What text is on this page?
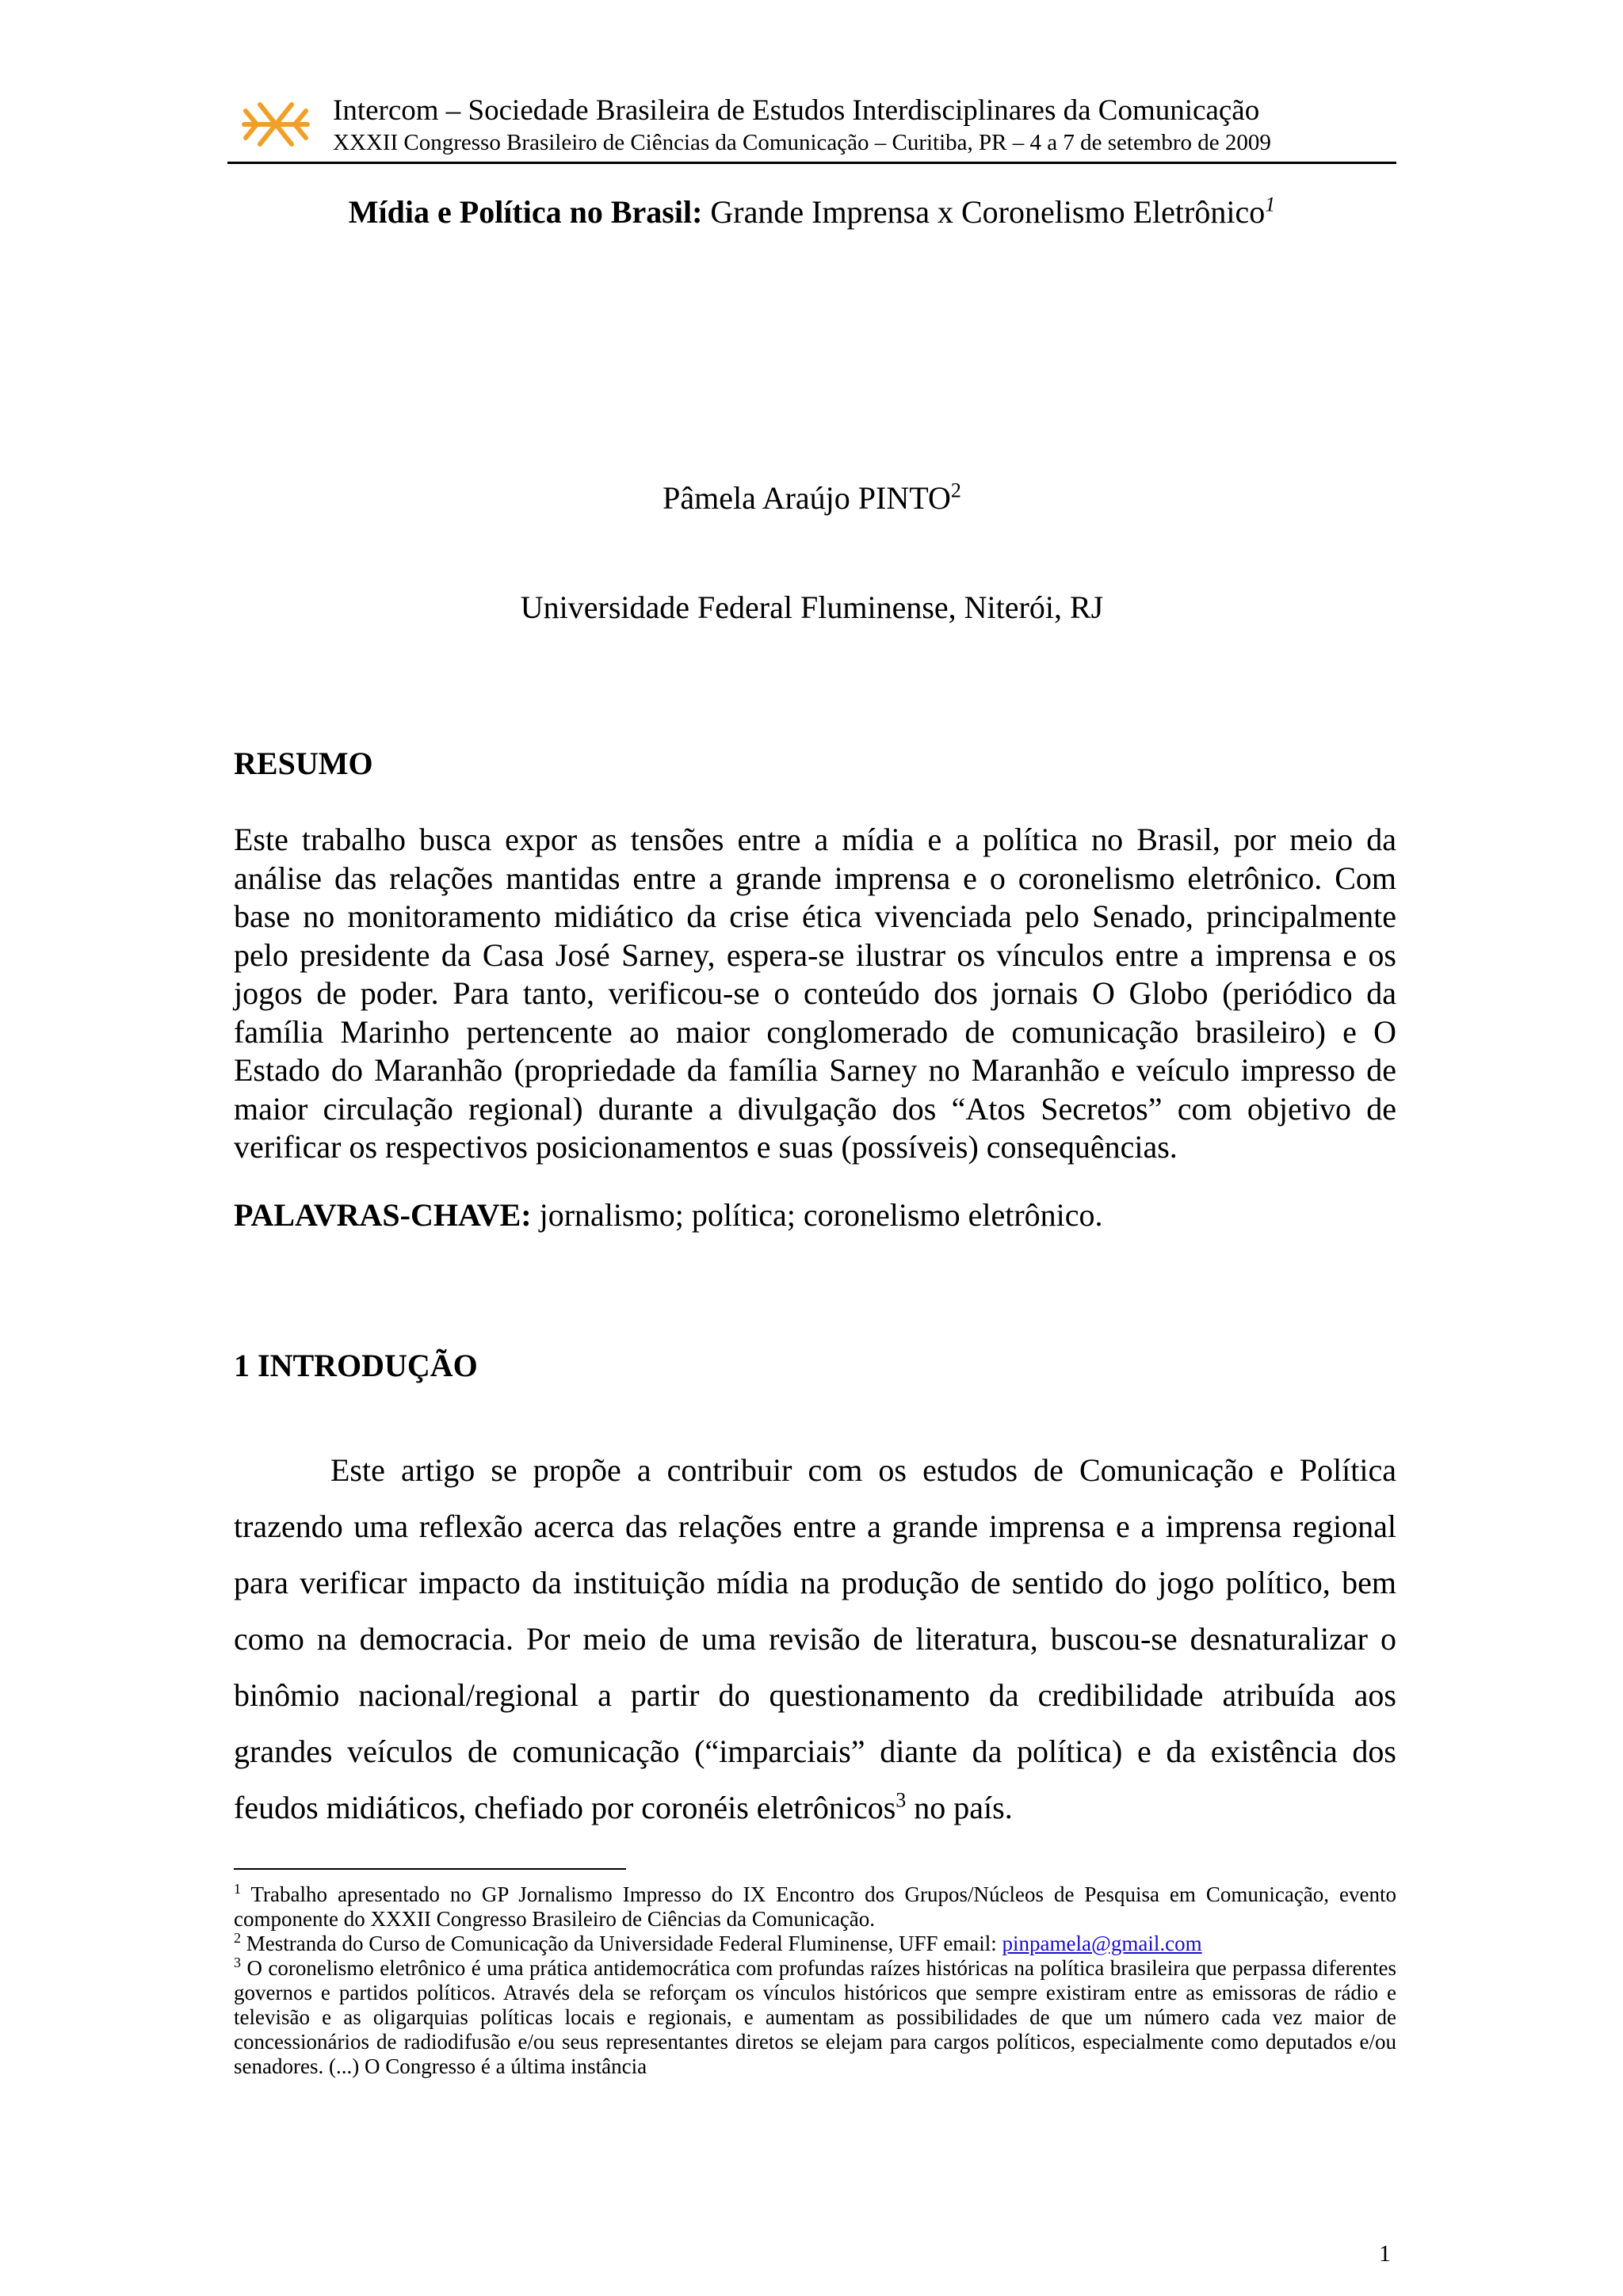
Intercom – Sociedade Brasileira de Estudos Interdisciplinares da Comunicação
XXXII Congresso Brasileiro de Ciências da Comunicação – Curitiba, PR – 4 a 7 de setembro de 2009
Mídia e Política no Brasil: Grande Imprensa x Coronelismo Eletrônico$^1$
Pâmela Araújo PINTO$^2$
Universidade Federal Fluminense, Niterói, RJ
RESUMO
Este trabalho busca expor as tensões entre a mídia e a política no Brasil, por meio da análise das relações mantidas entre a grande imprensa e o coronelismo eletrônico. Com base no monitoramento midiático da crise ética vivenciada pelo Senado, principalmente pelo presidente da Casa José Sarney, espera-se ilustrar os vínculos entre a imprensa e os jogos de poder. Para tanto, verificou-se o conteúdo dos jornais O Globo (periódico da família Marinho pertencente ao maior conglomerado de comunicação brasileiro) e O Estado do Maranhão (propriedade da família Sarney no Maranhão e veículo impresso de maior circulação regional) durante a divulgação dos “Atos Secretos” com objetivo de verificar os respectivos posicionamentos e suas (possíveis) consequências.
PALAVRAS-CHAVE: jornalismo; política; coronelismo eletrônico.
1 INTRODUÇÃO
Este artigo se propõe a contribuir com os estudos de Comunicação e Política trazendo uma reflexão acerca das relações entre a grande imprensa e a imprensa regional para verificar impacto da instituição mídia na produção de sentido do jogo político, bem como na democracia. Por meio de uma revisão de literatura, buscou-se desnaturalizar o binômio nacional/regional a partir do questionamento da credibilidade atribuída aos grandes veículos de comunicação (“imparciais” diante da política) e da existência dos feudos midiáticos, chefiado por coronéis eletrônicos$^3$ no país.

$^1$ Trabalho apresentado no GP Jornalismo Impresso do IX Encontro dos Grupos/Núcleos de Pesquisa em Comunicação, evento componente do XXXII Congresso Brasileiro de Ciências da Comunicação.

$^2$ Mestranda do Curso de Comunicação da Universidade Federal Fluminense, UFF email: pinpamela@gmail.com

$^3$ O coronelismo eletrônico é uma prática antidemocrática com profundas raízes históricas na política brasileira que perpassa diferentes governos e partidos políticos. Através dela se reforçam os vínculos históricos que sempre existiram entre as emissoras de rádio e televisão e as oligarquias políticas locais e regionais, e aumentam as possibilidades de que um número cada vez maior de concessionários de radiodifusão e/ou seus representantes diretos se elejam para cargos políticos, especialmente como deputados e/ou senadores. (...) O Congresso é a última instância

1
